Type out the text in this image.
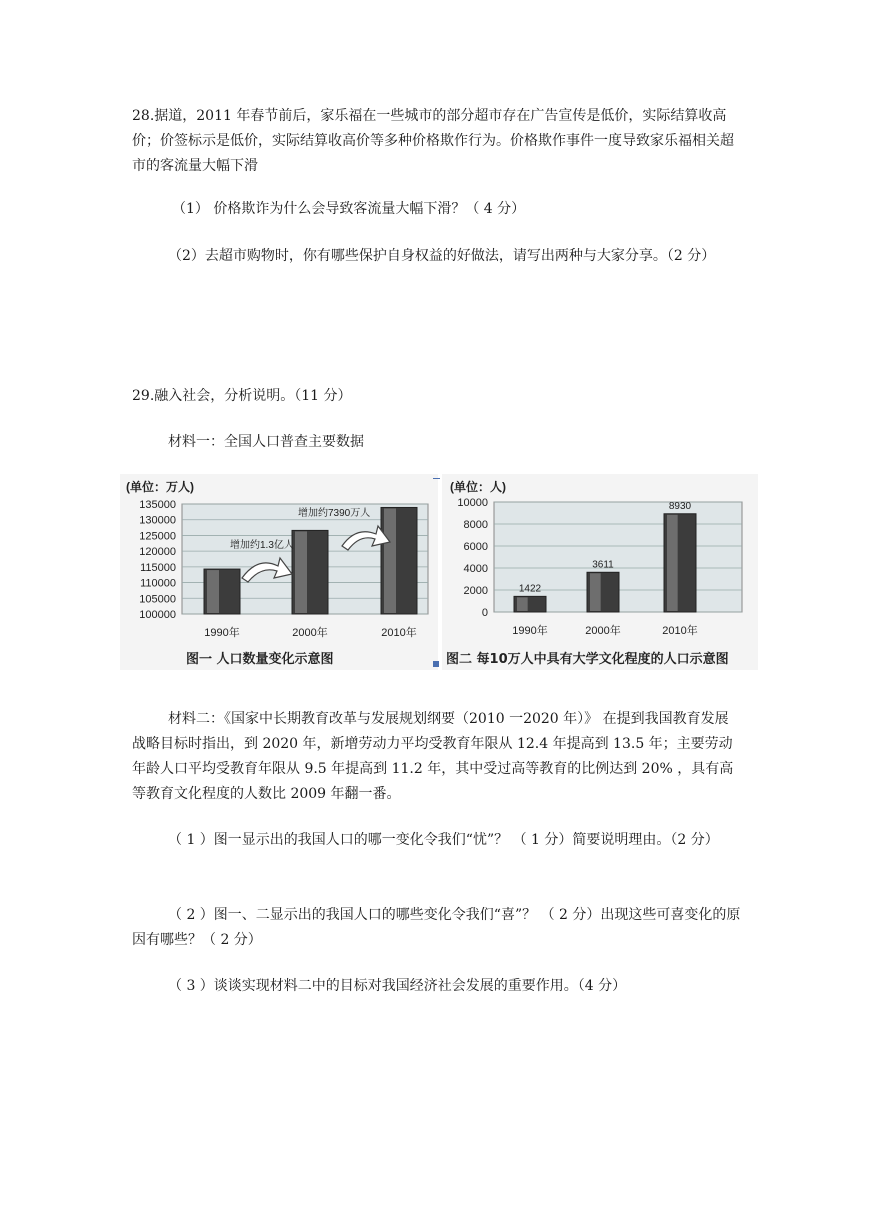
28.据道，2011 年春节前后，家乐福在一些城市的部分超市存在广告宣传是低价，实际结算收高价；价签标示是低价，实际结算收高价等多种价格欺作行为。价格欺作事件一度导致家乐福相关超市的客流量大幅下滑

（1） 价格欺诈为什么会导致客流量大幅下滑？（ 4 分）

（2）去超市购物时，你有哪些保护自身权益的好做法，请写出两种与大家分享。（2 分）

29.融入社会，分析说明。（11 分）

材料一：全国人口普查主要数据

(单位：万人)
135000
130000
125000
120000
115000
110000
105000
100000
1990年	2000年	2010年
增加约1.3亿人
增加约7390万人
图一 人口数量变化示意图
(单位：人)
10000
8000
6000
4000
2000
0
1422
3611
8930
1990年	2000年	2010年
图二 每10万人中具有大学文化程度的人口示意图

材料二：《国家中长期教育改革与发展规划纲要（2010 一2020 年）》 在提到我国教育发展战略目标时指出，到 2020 年，新增劳动力平均受教育年限从 12.4 年提高到 13.5 年；主要劳动年龄人口平均受教育年限从 9.5 年提高到 11.2 年，其中受过高等教育的比例达到 20% ，具有高等教育文化程度的人数比 2009 年翻一番。

（ 1 ）图一显示出的我国人口的哪一变化令我们“忧”？ （ 1 分）简要说明理由。（2 分）

（ 2 ）图一、二显示出的我国人口的哪些变化令我们“喜”？ （ 2 分）出现这些可喜变化的原因有哪些？（ 2 分）

（ 3 ）谈谈实现材料二中的目标对我国经济社会发展的重要作用。（4 分）
